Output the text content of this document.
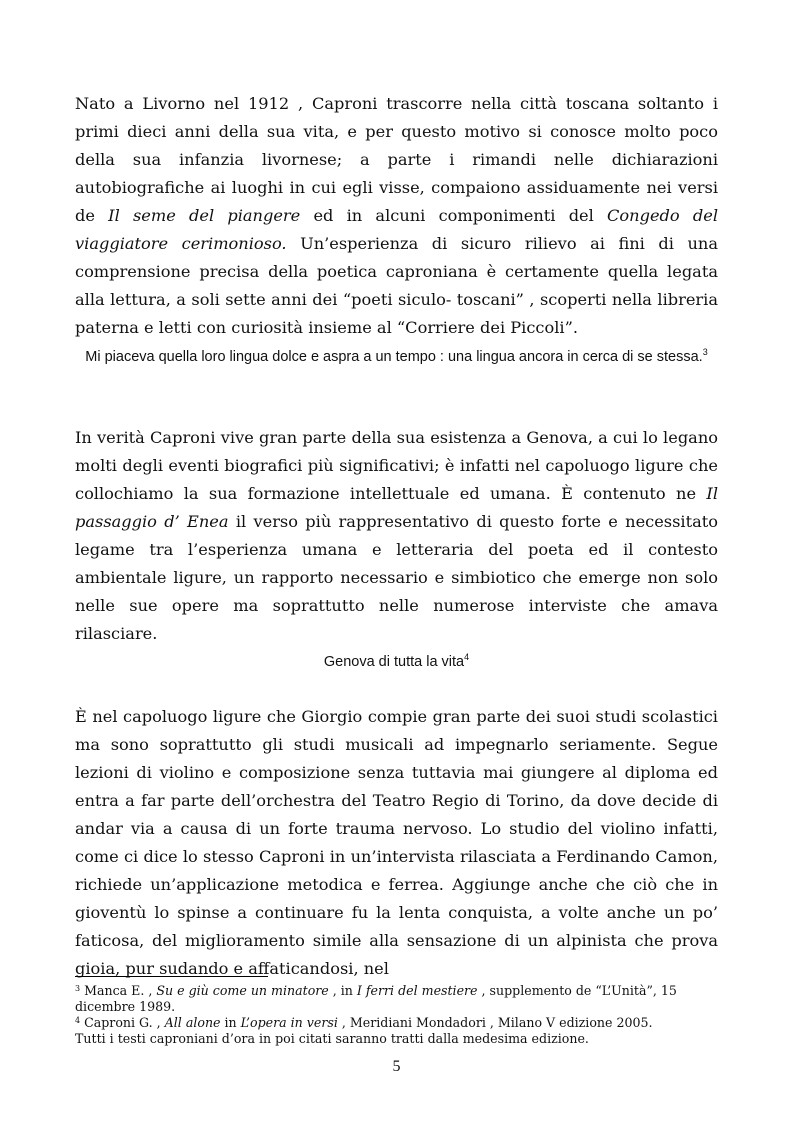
Nato a Livorno nel 1912 , Caproni trascorre nella città toscana soltanto i primi dieci anni della sua vita, e per questo motivo si conosce molto poco della sua infanzia livornese; a parte i rimandi nelle dichiarazioni autobiografiche ai luoghi in cui egli visse, compaiono assiduamente nei versi de Il seme del piangere ed in alcuni componimenti del Congedo del viaggiatore cerimonioso. Un’esperienza di sicuro rilievo ai fini di una comprensione precisa della poetica caproniana è certamente quella legata alla lettura, a soli sette anni dei “poeti siculo- toscani” , scoperti nella libreria paterna e letti con curiosità insieme al “Corriere dei Piccoli”.

Mi piaceva quella loro lingua dolce e aspra a un tempo : una lingua ancora in cerca di se stessa.$^3$

In verità Caproni vive gran parte della sua esistenza a Genova, a cui lo legano molti degli eventi biografici più significativi; è infatti nel capoluogo ligure che collochiamo la sua formazione intellettuale ed umana. È contenuto ne Il passaggio d’ Enea il verso più rappresentativo di questo forte e necessitato legame tra l’esperienza umana e letteraria del poeta ed il contesto ambientale ligure, un rapporto necessario e simbiotico che emerge non solo nelle sue opere ma soprattutto nelle numerose interviste che amava rilasciare.

Genova di tutta la vita$^4$

È nel capoluogo ligure che Giorgio compie gran parte dei suoi studi scolastici ma sono soprattutto gli studi musicali ad impegnarlo seriamente. Segue lezioni di violino e composizione senza tuttavia mai giungere al diploma ed entra a far parte dell’orchestra del Teatro Regio di Torino, da dove decide di andar via a causa di un forte trauma nervoso. Lo studio del violino infatti, come ci dice lo stesso Caproni in un’intervista rilasciata a Ferdinando Camon, richiede un’applicazione metodica e ferrea. Aggiunge anche che ciò che in gioventù lo spinse a continuare fu la lenta conquista, a volte anche un po’ faticosa, del miglioramento simile alla sensazione di un alpinista che prova gioia, pur sudando e affaticandosi, nel

$^3$ Manca E. , Su e giù come un minatore , in I ferri del mestiere , supplemento de “L’Unità”, 15 dicembre 1989.

$^4$ Caproni G. , All alone in L’opera in versi , Meridiani Mondadori , Milano V edizione 2005.

Tutti i testi caproniani d’ora in poi citati saranno tratti dalla medesima edizione.

5
